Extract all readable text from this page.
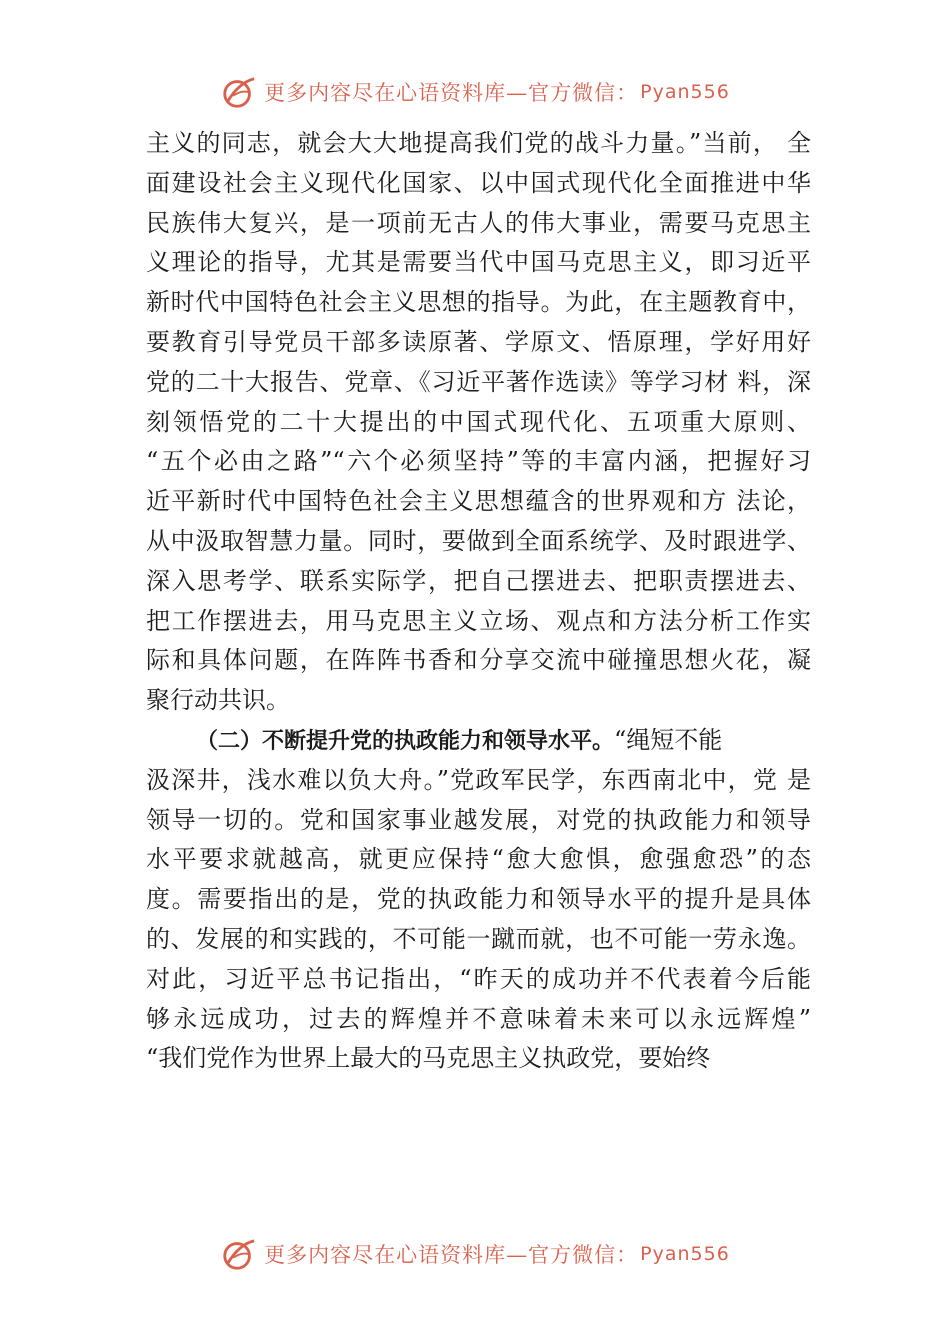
更多内容尽在心语资料库—官方微信： Pyan556
主义的同志，就会大大地提高我们党的战斗力量。”当前， 全
面建设社会主义现代化国家、以中国式现代化全面推进中华
民族伟大复兴，是一项前无古人的伟大事业，需要马克思主
义理论的指导，尤其是需要当代中国马克思主义，即习近平
新时代中国特色社会主义思想的指导。为此，在主题教育中，
要教育引导党员干部多读原著、学原文、悟原理，学好用好
党的二十大报告、党章、《习近平著作选读》等学习材 料，深
刻领悟党的二十大提出的中国式现代化、五项重大原则、
“五个必由之路”“六个必须坚持”等的丰富内涵，把握好习
近平新时代中国特色社会主义思想蕴含的世界观和方 法论，
从中汲取智慧力量。同时，要做到全面系统学、及时跟进学、
深入思考学、联系实际学，把自己摆进去、把职责摆进去、
把工作摆进去，用马克思主义立场、观点和方法分析工作实
际和具体问题，在阵阵书香和分享交流中碰撞思想火花，凝
聚行动共识。
（二）不断提升党的执政能力和领导水平。“绳短不能
汲深井，浅水难以负大舟。”党政军民学，东西南北中，党 是
领导一切的。党和国家事业越发展，对党的执政能力和领导
水平要求就越高，就更应保持“愈大愈惧，愈强愈恐”的态
度。需要指出的是，党的执政能力和领导水平的提升是具体
的、发展的和实践的，不可能一蹴而就，也不可能一劳永逸。
对此，习近平总书记指出，“昨天的成功并不代表着今后能
够永远成功，过去的辉煌并不意味着未来可以永远辉煌”
“我们党作为世界上最大的马克思主义执政党，要始终
更多内容尽在心语资料库—官方微信： Pyan556
